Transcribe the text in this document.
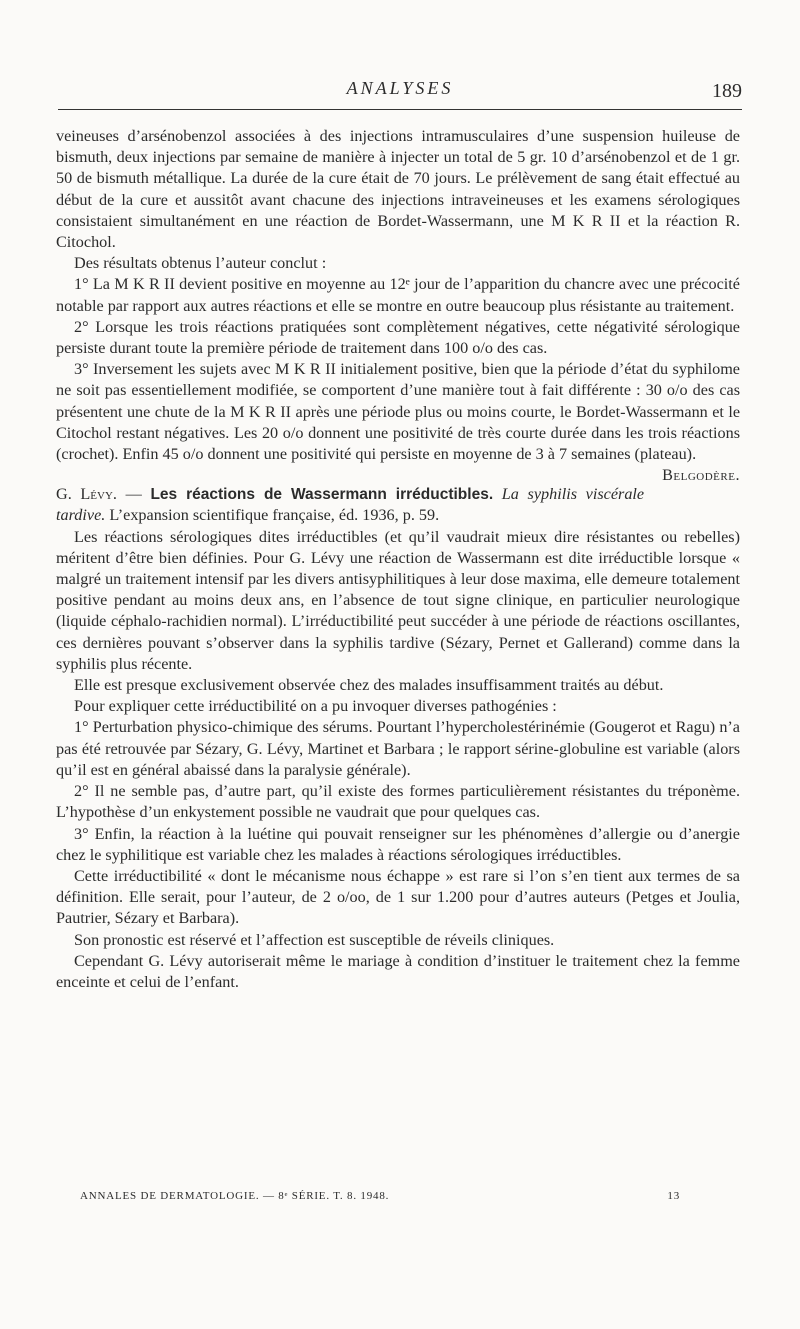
ANALYSES	189

veineuses d’arsénobenzol associées à des injections intramusculaires d’une suspension huileuse de bismuth, deux injections par semaine de manière à injecter un total de 5 gr. 10 d’arsénobenzol et de 1 gr. 50 de bismuth métallique. La durée de la cure était de 70 jours. Le prélèvement de sang était effectué au début de la cure et aussitôt avant chacune des injections intraveineuses et les examens sérologiques consistaient simultanément en une réaction de Bordet-Wassermann, une M K R II et la réaction R. Citochol.

Des résultats obtenus l’auteur conclut :

1° La M K R II devient positive en moyenne au 12ᵉ jour de l’apparition du chancre avec une précocité notable par rapport aux autres réactions et elle se montre en outre beaucoup plus résistante au traitement.

2° Lorsque les trois réactions pratiquées sont complètement négatives, cette négativité sérologique persiste durant toute la première période de traitement dans 100 o/o des cas.

3° Inversement les sujets avec M K R II initialement positive, bien que la période d’état du syphilome ne soit pas essentiellement modifiée, se comportent d’une manière tout à fait différente : 30 o/o des cas présentent une chute de la M K R II après une période plus ou moins courte, le Bordet-Wassermann et le Citochol restant négatives. Les 20 o/o donnent une positivité de très courte durée dans les trois réactions (crochet). Enfin 45 o/o donnent une positivité qui persiste en moyenne de 3 à 7 semaines (plateau).
Belgodère.

G. Lévy. — Les réactions de Wassermann irréductibles. La syphilis viscérale tardive. L’expansion scientifique française, éd. 1936, p. 59.

Les réactions sérologiques dites irréductibles (et qu’il vaudrait mieux dire résistantes ou rebelles) méritent d’être bien définies. Pour G. Lévy une réaction de Wassermann est dite irréductible lorsque « malgré un traitement intensif par les divers antisyphilitiques à leur dose maxima, elle demeure totalement positive pendant au moins deux ans, en l’absence de tout signe clinique, en particulier neurologique (liquide céphalo-rachidien normal). L’irréductibilité peut succéder à une période de réactions oscillantes, ces dernières pouvant s’observer dans la syphilis tardive (Sézary, Pernet et Gallerand) comme dans la syphilis plus récente.

Elle est presque exclusivement observée chez des malades insuffisamment traités au début.

Pour expliquer cette irréductibilité on a pu invoquer diverses pathogénies :

1° Perturbation physico-chimique des sérums. Pourtant l’hypercholestérinémie (Gougerot et Ragu) n’a pas été retrouvée par Sézary, G. Lévy, Martinet et Barbara ; le rapport sérine-globuline est variable (alors qu’il est en général abaissé dans la paralysie générale).

2° Il ne semble pas, d’autre part, qu’il existe des formes particulièrement résistantes du tréponème. L’hypothèse d’un enkystement possible ne vaudrait que pour quelques cas.

3° Enfin, la réaction à la luétine qui pouvait renseigner sur les phénomènes d’allergie ou d’anergie chez le syphilitique est variable chez les malades à réactions sérologiques irréductibles.

Cette irréductibilité « dont le mécanisme nous échappe » est rare si l’on s’en tient aux termes de sa définition. Elle serait, pour l’auteur, de 2 o/oo, de 1 sur 1.200 pour d’autres auteurs (Petges et Joulia, Pautrier, Sézary et Barbara).

Son pronostic est réservé et l’affection est susceptible de réveils cliniques.

Cependant G. Lévy autoriserait même le mariage à condition d’instituer le traitement chez la femme enceinte et celui de l’enfant.

ANNALES DE DERMATOLOGIE. — 8ᵉ SÉRIE. T. 8. 1948.	13
